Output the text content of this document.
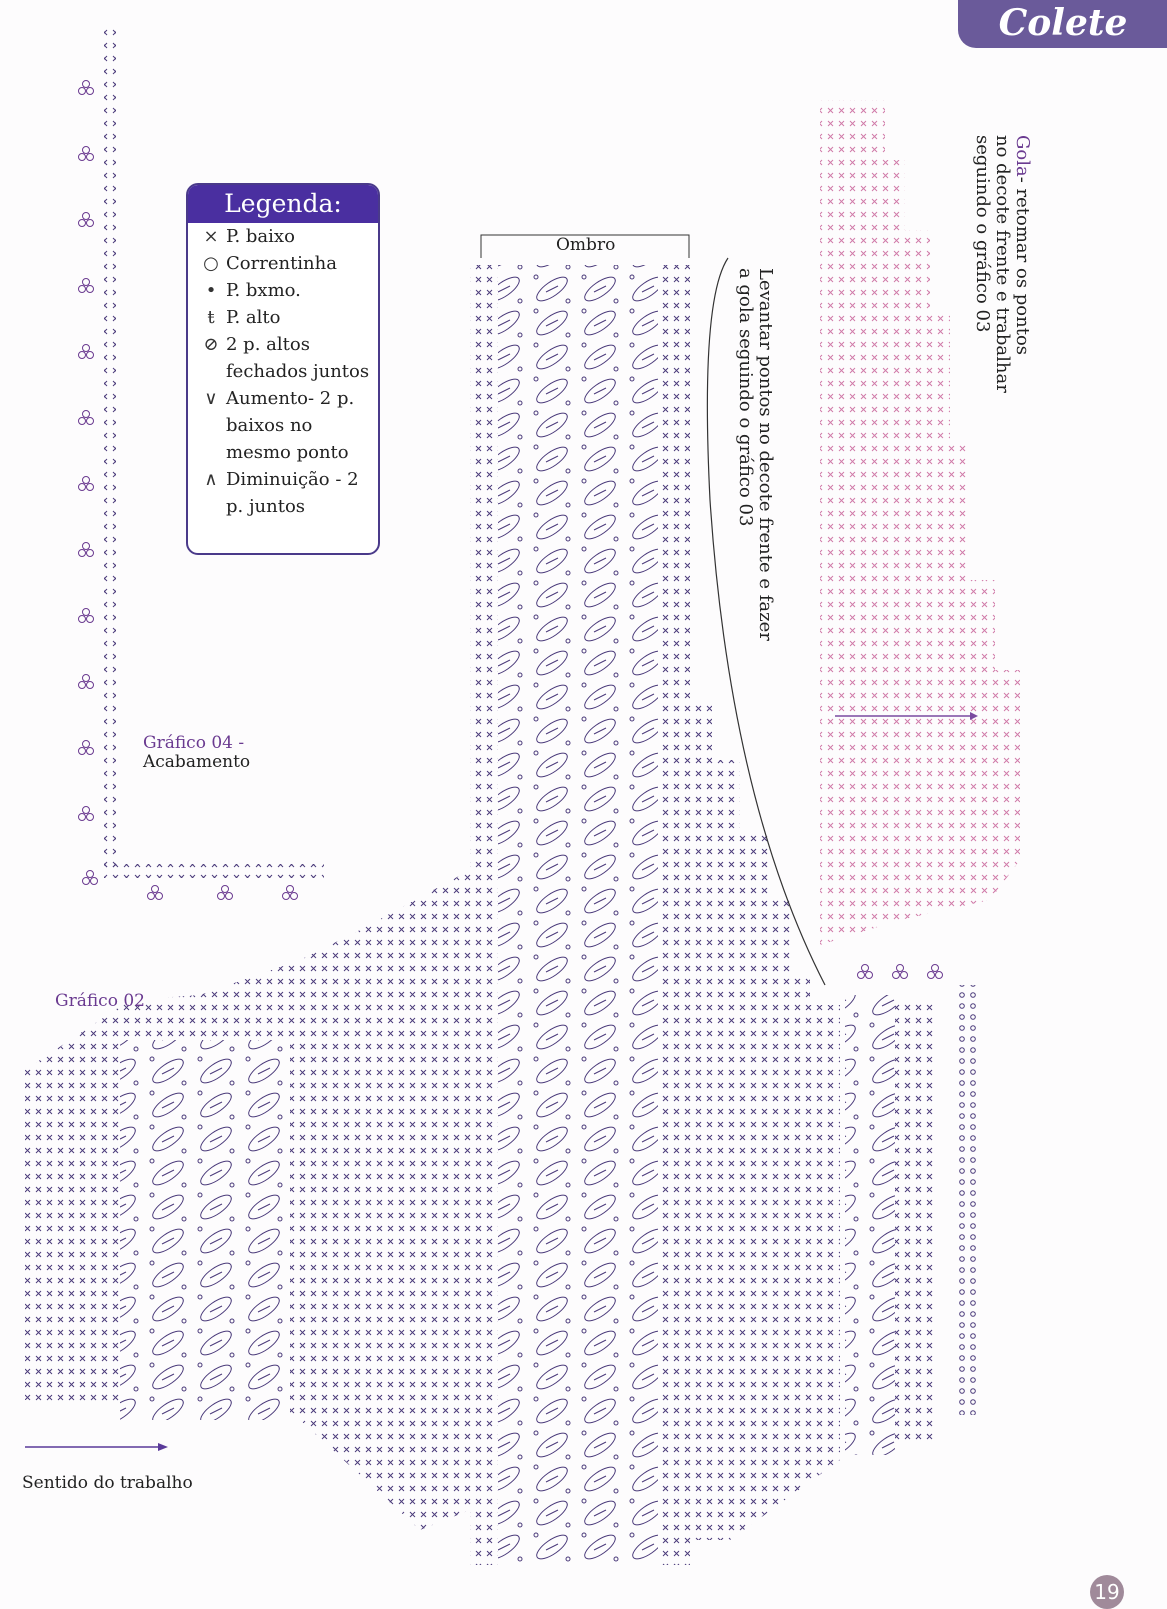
Colete
Legenda:
× P. baixo
○ Correntinha
• P. bxmo.
ŧ P. alto
⊘ 2 p. altos fechados juntos
∨ Aumento- 2 p. baixos no mesmo ponto
∧ Diminuição - 2 p. juntos
Ombro
Gráfico 04 -
Acabamento
Gráfico 02
Sentido do trabalho
Gola- retomar os pontos
no decote frente e trabalhar
seguindo o gráfico 03
Levantar pontos no decote frente e fazer
a gola seguindo o gráfico 03
19
